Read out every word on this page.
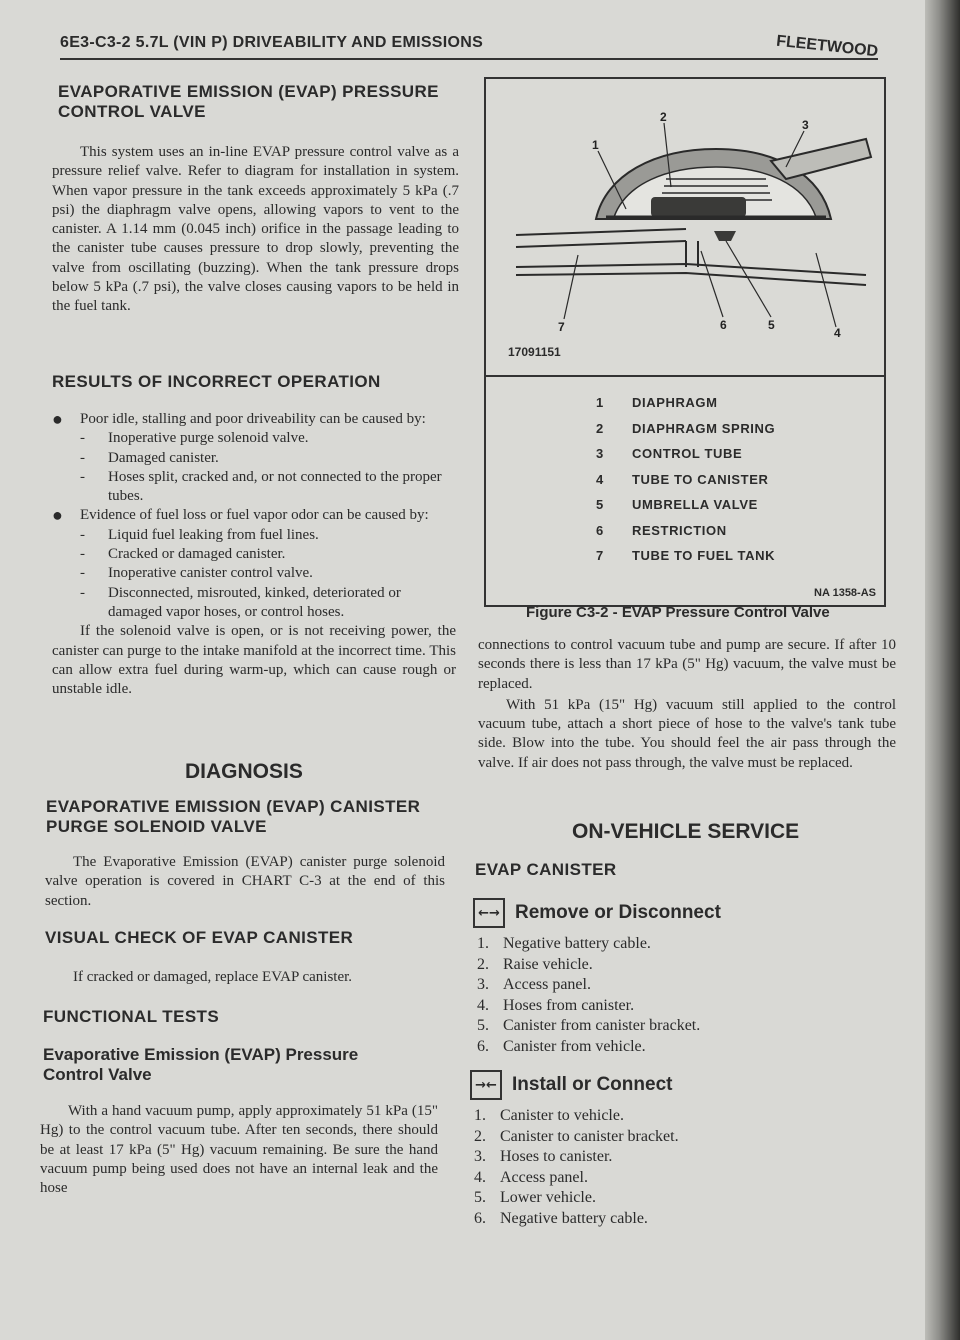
6E3-C3-2 5.7L (VIN P) DRIVEABILITY AND EMISSIONS	FLEETWOOD
EVAPORATIVE EMISSION (EVAP) PRESSURE
CONTROL VALVE

This system uses an in-line EVAP pressure control valve as a pressure relief valve. Refer to diagram for installation in system. When vapor pressure in the tank exceeds approximately 5 kPa (.7 psi) the diaphragm valve opens, allowing vapors to vent to the canister. A 1.14 mm (0.045 inch) orifice in the passage leading to the canister tube causes pressure to drop slowly, preventing the valve from oscillating (buzzing). When the tank pressure drops below 5 kPa (.7 psi), the valve closes causing vapors to be held in the fuel tank.

RESULTS OF INCORRECT OPERATION
● Poor idle, stalling and poor driveability can be caused by:

- Inoperative purge solenoid valve.
- Damaged canister.
- Hoses split, cracked and, or not connected to the proper tubes.
● Evidence of fuel loss or fuel vapor odor can be caused by:

- Liquid fuel leaking from fuel lines.
- Cracked or damaged canister.
- Inoperative canister control valve.
- Disconnected, misrouted, kinked, deteriorated or damaged vapor hoses, or control hoses.

If the solenoid valve is open, or is not receiving power, the canister can purge to the intake manifold at the incorrect time. This can allow extra fuel during warm-up, which can cause rough or unstable idle.

DIAGNOSIS
EVAPORATIVE EMISSION (EVAP) CANISTER
PURGE SOLENOID VALVE

The Evaporative Emission (EVAP) canister purge solenoid valve operation is covered in CHART C-3 at the end of this section.

VISUAL CHECK OF EVAP CANISTER

If cracked or damaged, replace EVAP canister.

FUNCTIONAL TESTS
Evaporative Emission (EVAP) Pressure
Control Valve

With a hand vacuum pump, apply approximately 51 kPa (15" Hg) to the control vacuum tube. After ten seconds, there should be at least 17 kPa (5" Hg) vacuum remaining. Be sure the hand vacuum pump being used does not have an internal leak and the hose

1
2
3
4
5
6
7
17091151
1	DIAPHRAGM
2	DIAPHRAGM SPRING
3	CONTROL TUBE
4	TUBE TO CANISTER
5	UMBRELLA VALVE
6	RESTRICTION
7	TUBE TO FUEL TANK
NA 1358-AS
Figure C3-2 - EVAP Pressure Control Valve

connections to control vacuum tube and pump are secure. If after 10 seconds there is less than 17 kPa (5" Hg) vacuum, the valve must be replaced.

With 51 kPa (15" Hg) vacuum still applied to the control vacuum tube, attach a short piece of hose to the valve's tank tube side. Blow into the tube. You should feel the air pass through the valve. If air does not pass through, the valve must be replaced.

ON-VEHICLE SERVICE
EVAP CANISTER
←→ Remove or Disconnect
1. Negative battery cable.
2. Raise vehicle.
3. Access panel.
4. Hoses from canister.
5. Canister from canister bracket.
6. Canister from vehicle.
→← Install or Connect
1. Canister to vehicle.
2. Canister to canister bracket.
3. Hoses to canister.
4. Access panel.
5. Lower vehicle.
6. Negative battery cable.
